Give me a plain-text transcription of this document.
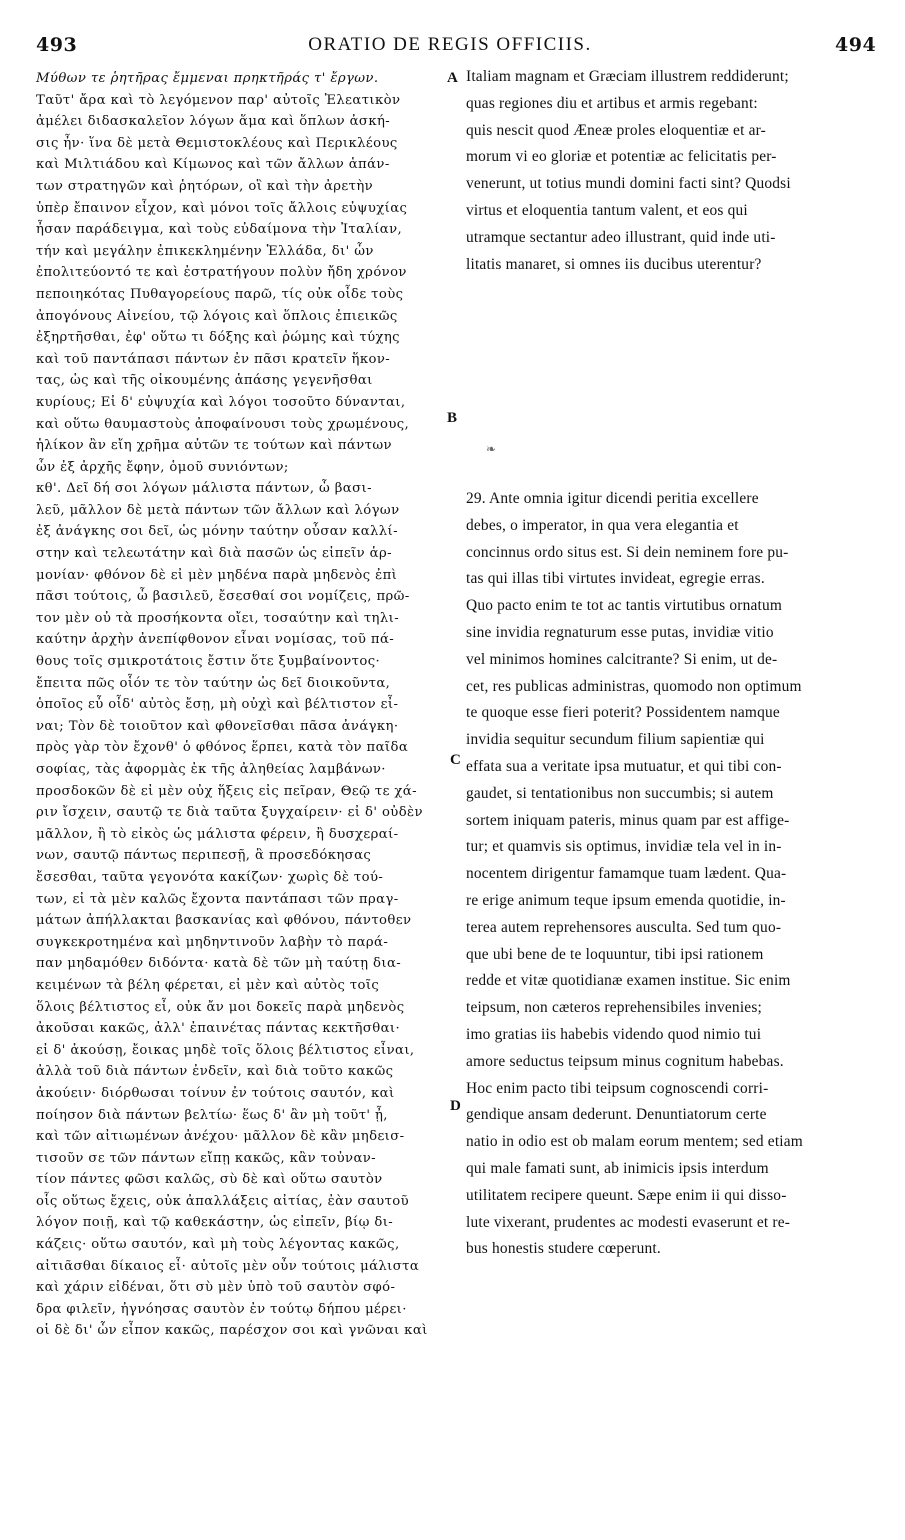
493	ORATIO DE REGIS OFFICIIS.	494
Μύθων τε ῥητῆρας ἔμμεναι πρηκτῆράς τ' ἔργων.
Ταῦτ' ἄρα καὶ τὸ λεγόμενον παρ' αὐτοῖς Ἐλεατικὸν
ἀμέλει διδασκαλεῖον λόγων ἅμα καὶ ὅπλων ἀσκή-
σις ἦν· ἵνα δὲ μετὰ Θεμιστοκλέους καὶ Περικλέους
καὶ Μιλτιάδου καὶ Κίμωνος καὶ τῶν ἄλλων ἁπάν-
των στρατηγῶν καὶ ῥητόρων, οἳ καὶ τὴν ἀρετὴν
ὑπὲρ ἔπαινον εἶχον, καὶ μόνοι τοῖς ἄλλοις εὐψυχίας
ἦσαν παράδειγμα, καὶ τοὺς εὐδαίμονα τὴν Ἰταλίαν,
τήν καὶ μεγάλην ἐπικεκλημένην Ἑλλάδα, δι' ὧν
ἐπολιτεύοντό τε καὶ ἐστρατήγουν πολὺν ἤδη χρόνον
πεποιηκότας Πυθαγορείους παρῶ, τίς οὐκ οἶδε τοὺς
ἀπογόνους Αἰνείου, τῷ λόγοις καὶ ὅπλοις ἐπιεικῶς
ἐξηρτῆσθαι, ἐφ' οὕτω τι δόξης καὶ ῥώμης καὶ τύχης
καὶ τοῦ παντάπασι πάντων ἐν πᾶσι κρατεῖν ἥκον-
τας, ὡς καὶ τῆς οἰκουμένης ἁπάσης γεγενῆσθαι
κυρίους; Εἰ δ' εὐψυχία καὶ λόγοι τοσοῦτο δύνανται,
καὶ οὕτω θαυμαστοὺς ἀποφαίνουσι τοὺς χρωμένους,
ἡλίκον ἂν εἴη χρῆμα αὐτῶν τε τούτων καὶ πάντων
ὧν ἐξ ἀρχῆς ἔφην, ὁμοῦ συνιόντων;
κθ'. Δεῖ δή σοι λόγων μάλιστα πάντων, ὦ βασι-
λεῦ, μᾶλλον δὲ μετὰ πάντων τῶν ἄλλων καὶ λόγων
ἐξ ἀνάγκης σοι δεῖ, ὡς μόνην ταύτην οὖσαν καλλί-
στην καὶ τελεωτάτην καὶ διὰ πασῶν ὡς εἰπεῖν ἁρ-
μονίαν· φθόνον δὲ εἰ μὲν μηδένα παρὰ μηδενὸς ἐπὶ
πᾶσι τούτοις, ὦ βασιλεῦ, ἔσεσθαί σοι νομίζεις, πρῶ-
τον μὲν οὐ τὰ προσήκοντα οἴει, τοσαύτην καὶ τηλι-
καύτην ἀρχὴν ἀνεπίφθονον εἶναι νομίσας, τοῦ πά-
θους τοῖς σμικροτάτοις ἔστιν ὅτε ξυμβαίνοντος·
ἔπειτα πῶς οἷόν τε τὸν ταύτην ὡς δεῖ διοικοῦντα,
ὁποῖος εὖ οἶδ' αὐτὸς ἔσῃ, μὴ οὐχὶ καὶ βέλτιστον εἶ-
ναι; Τὸν δὲ τοιοῦτον καὶ φθονεῖσθαι πᾶσα ἀνάγκη·
πρὸς γὰρ τὸν ἔχονθ' ὁ φθόνος ἕρπει, κατὰ τὸν παῖδα
σοφίας, τὰς ἀφορμὰς ἐκ τῆς ἀληθείας λαμβάνων·
προσδοκῶν δὲ εἰ μὲν οὐχ ἥξεις εἰς πεῖραν, Θεῷ τε χά-
ριν ἴσχειν, σαυτῷ τε διὰ ταῦτα ξυγχαίρειν· εἰ δ' οὐδὲν
μᾶλλον, ἢ τὸ εἰκὸς ὡς μάλιστα φέρειν, ἢ δυσχεραί-
νων, σαυτῷ πάντως περιπεσῇ, ἃ προσεδόκησας
ἔσεσθαι, ταῦτα γεγονότα κακίζων· χωρὶς δὲ τού-
των, εἰ τὰ μὲν καλῶς ἔχοντα παντάπασι τῶν πραγ-
μάτων ἀπήλλακται βασκανίας καὶ φθόνου, πάντοθεν
συγκεκροτημένα καὶ μηδηντινοῦν λαβὴν τὸ παρά-
παν μηδαμόθεν διδόντα· κατὰ δὲ τῶν μὴ ταύτῃ δια-
κειμένων τὰ βέλη φέρεται, εἰ μὲν καὶ αὐτὸς τοῖς
ὅλοις βέλτιστος εἶ, οὐκ ἄν μοι δοκεῖς παρὰ μηδενὸς
ἀκοῦσαι κακῶς, ἀλλ' ἐπαινέτας πάντας κεκτῆσθαι·
εἰ δ' ἀκούσῃ, ἔοικας μηδὲ τοῖς ὅλοις βέλτιστος εἶναι,
ἀλλὰ τοῦ διὰ πάντων ἐνδεῖν, καὶ διὰ τοῦτο κακῶς
ἀκούειν· διόρθωσαι τοίνυν ἐν τούτοις σαυτόν, καὶ
ποίησον διὰ πάντων βελτίω· ἕως δ' ἂν μὴ τοῦτ' ᾖ,
καὶ τῶν αἰτιωμένων ἀνέχου· μᾶλλον δὲ κἂν μηδεισ-
τισοῦν σε τῶν πάντων εἴπῃ κακῶς, κἂν τοὐναν-
τίον πάντες φῶσι καλῶς, σὺ δὲ καὶ οὕτω σαυτὸν
οἷς οὕτως ἔχεις, οὐκ ἀπαλλάξεις αἰτίας, ἐὰν σαυτοῦ
λόγον ποιῇ, καὶ τῷ καθεκάστην, ὡς εἰπεῖν, βίῳ δι-
κάζεις· οὕτω σαυτόν, καὶ μὴ τοὺς λέγοντας κακῶς,
αἰτιᾶσθαι δίκαιος εἶ· αὐτοῖς μὲν οὖν τούτοις μάλιστα
καὶ χάριν εἰδέναι, ὅτι σὺ μὲν ὑπὸ τοῦ σαυτὸν σφό-
δρα φιλεῖν, ἠγνόησας σαυτὸν ἐν τούτῳ δήπου μέρει·
οἱ δὲ δι' ὧν εἶπον κακῶς, παρέσχον σοι καὶ γνῶναι καὶ
Italiam magnam et Græciam illustrem reddiderunt;
quas regiones diu et artibus et armis regebant:
quis nescit quod Æneæ proles eloquentiæ et ar-
morum vi eo gloriæ et potentiæ ac felicitatis per-
venerunt, ut totius mundi domini facti sint? Quodsi
virtus et eloquentia tantum valent, et eos qui
utramque sectantur adeo illustrant, quid inde uti-
litatis manaret, si omnes iis ducibus uterentur?
29. Ante omnia igitur dicendi peritia excellere
debes, o imperator, in qua vera elegantia et
concinnus ordo situs est. Si dein neminem fore pu-
tas qui illas tibi virtutes invideat, egregie erras.
Quo pacto enim te tot ac tantis virtutibus ornatum
sine invidia regnaturum esse putas, invidiæ vitio
vel minimos homines calcitrante? Si enim, ut de-
cet, res publicas administras, quomodo non optimum
te quoque esse fieri poterit? Possidentem namque
invidia sequitur secundum filium sapientiæ qui
effata sua a veritate ipsa mutuatur, et qui tibi con-
gaudet, si tentationibus non succumbis; si autem
sortem iniquam pateris, minus quam par est affige-
tur; et quamvis sis optimus, invidiæ tela vel in in-
nocentem dirigentur famamque tuam lædent. Qua-
re erige animum teque ipsum emenda quotidie, in-
terea autem reprehensores ausculta. Sed tum quo-
que ubi bene de te loquuntur, tibi ipsi rationem
redde et vitæ quotidianæ examen institue. Sic enim
teipsum, non cæteros reprehensibiles invenies;
imo gratias iis habebis videndo quod nimio tui
amore seductus teipsum minus cognitum habebas.
Hoc enim pacto tibi teipsum cognoscendi corri-
gendique ansam dederunt. Denuntiatorum certe
natio in odio est ob malam eorum mentem; sed etiam
qui male famati sunt, ab inimicis ipsis interdum
utilitatem recipere queunt. Sæpe enim ii qui disso-
lute vixerant, prudentes ac modesti evaserunt et re-
bus honestis studere cœperunt.
A
B
C
D
❧
